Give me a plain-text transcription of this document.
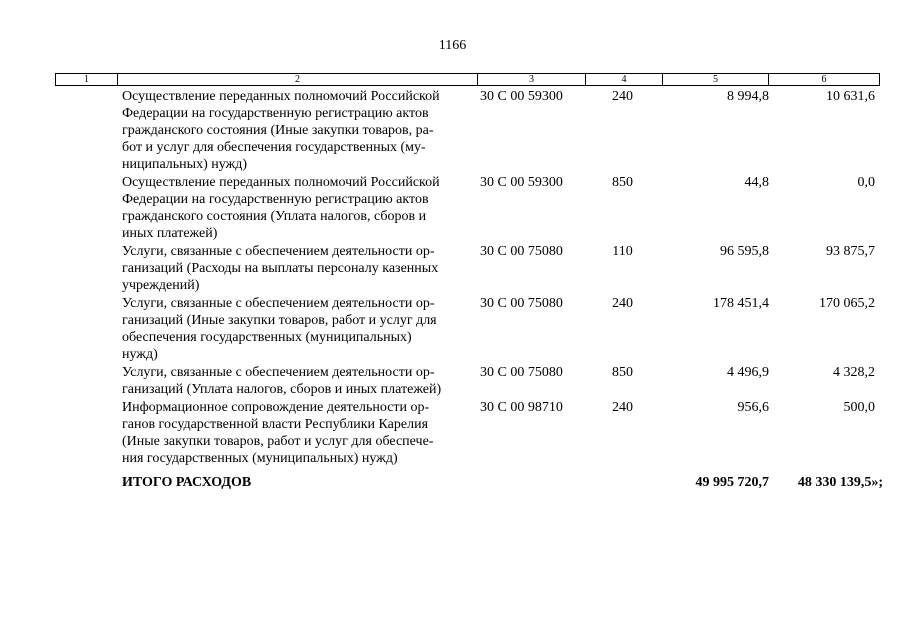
1166
1	2	3	4	5	6
Осуществление переданных полномочий Российской
Федерации на государственную регистрацию актов
гражданского состояния (Иные закупки товаров, ра-
бот и услуг для обеспечения государственных (му-
ниципальных) нужд)
30 С 00 59300	240	8 994,8	10 631,6
Осуществление переданных полномочий Российской
Федерации на государственную регистрацию актов
гражданского состояния (Уплата налогов, сборов и
иных платежей)
30 С 00 59300	850	44,8	0,0
Услуги, связанные с обеспечением деятельности ор-
ганизаций (Расходы на выплаты персоналу казенных
учреждений)
30 С 00 75080	110	96 595,8	93 875,7
Услуги, связанные с обеспечением деятельности ор-
ганизаций (Иные закупки товаров, работ и услуг для
обеспечения государственных (муниципальных)
нужд)
30 С 00 75080	240	178 451,4	170 065,2
Услуги, связанные с обеспечением деятельности ор-
ганизаций (Уплата налогов, сборов и иных платежей)
30 С 00 75080	850	4 496,9	4 328,2
Информационное сопровождение деятельности ор-
ганов государственной власти Республики Карелия
(Иные закупки товаров, работ и услуг для обеспече-
ния государственных (муниципальных) нужд)
30 С 00 98710	240	956,6	500,0
ИТОГО РАСХОДОВ	49 995 720,7	48 330 139,5»;
